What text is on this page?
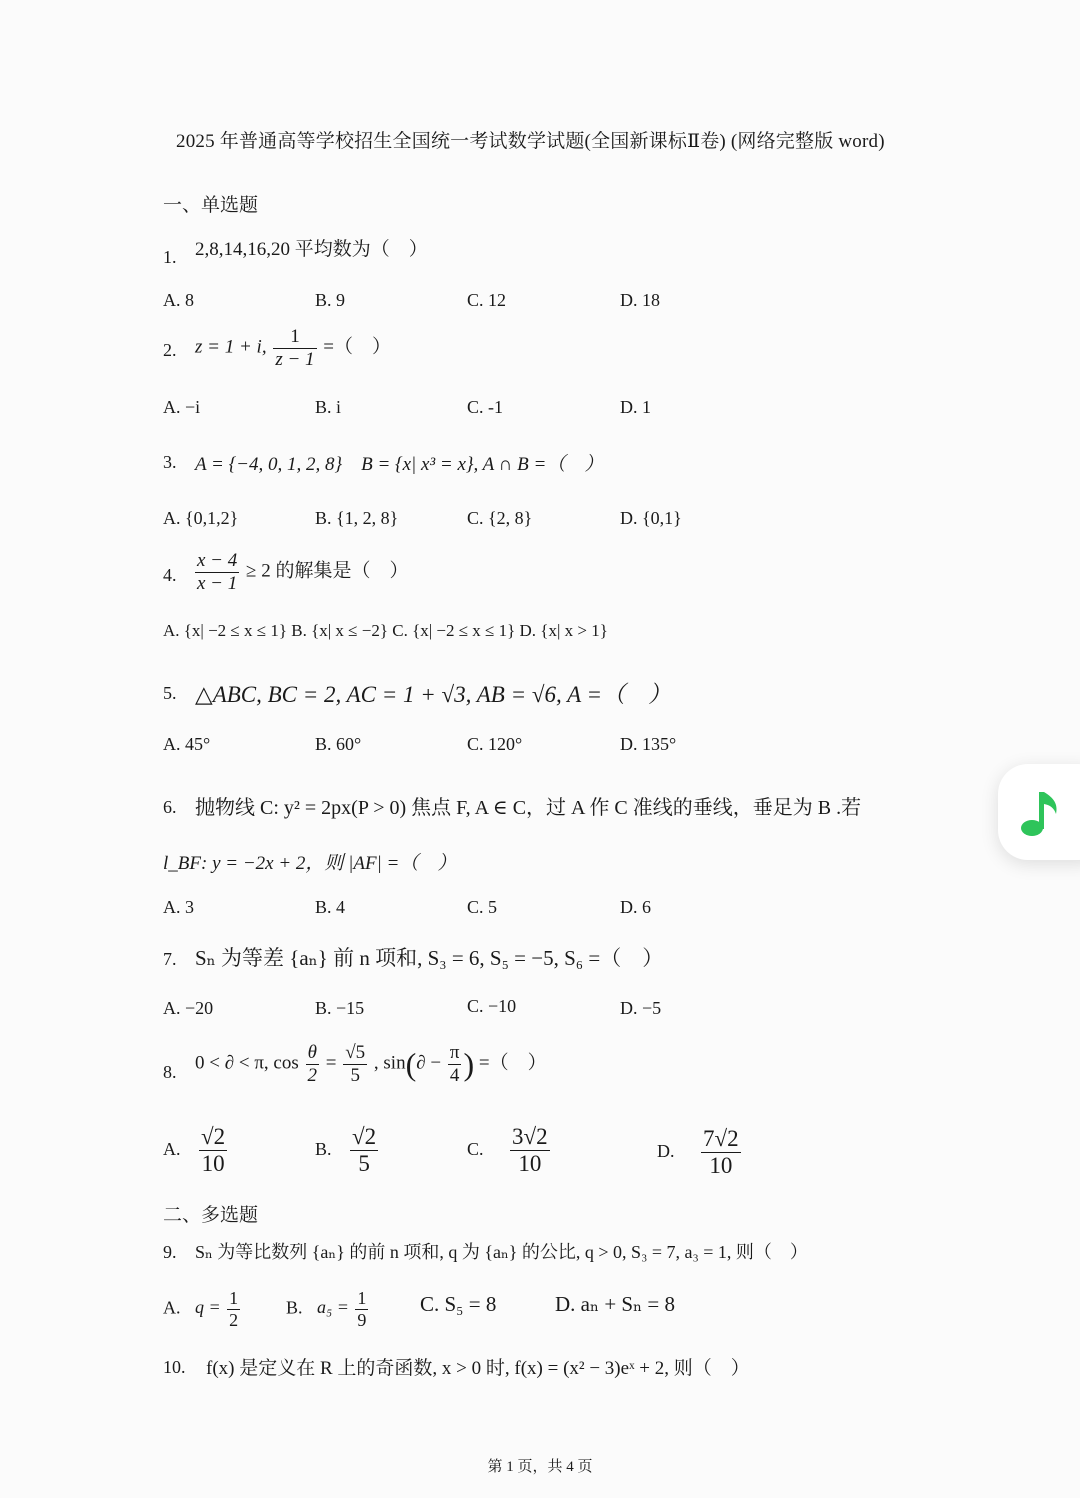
2025 年普通高等学校招生全国统一考试数学试题(全国新课标Ⅱ卷) (网络完整版 word)
一、单选题
1. 2,8,14,16,20 平均数为（　）
A. 8	B. 9	C. 12	D. 18
2. z = 1 + i, $\frac{1}{z - 1}$ =（　）
A. −i	B. i	C. -1	D. 1
3. A = {−4, 0, 1, 2, 8}　B = {x| x³ = x}, A ∩ B =（　）
A. {0,1,2}	B. {1, 2, 8}	C. {2, 8}	D. {0,1}
4. $\frac{x - 4}{x - 1} \ge 2$ 的解集是（　）
A. {x| −2 ≤ x ≤ 1} B. {x| x ≤ −2} C. {x| −2 ≤ x ≤ 1} D. {x| x > 1}
5. △ABC, BC = 2, AC = 1 + √3, AB = √6, A =（　）
A. 45°	B. 60°	C. 120°	D. 135°
6. 抛物线 C: y² = 2px(P > 0) 焦点 F, A ∈ C，过 A 作 C 准线的垂线，垂足为 B .若
l_BF: y = −2x + 2，则 |AF| =（　）
A. 3	B. 4	C. 5	D. 6
7. Sₙ 为等差 {aₙ} 前 n 项和, S₃ = 6, S₅ = −5, S₆ =（　）
A. −20	B. −15	C. −10	D. −5
8. 0 < ∂ < π, $\cos \frac{\theta}{2} = \frac{√5}{5}$ , $\sin(\partial - \frac{\pi}{4}$ ) =（　）
A. $\frac{√2}{10}$	B. $\frac{√2}{5}$	C. $\frac{3√2}{10}$	D. $\frac{7√2}{10}$
二、多选题
9. Sₙ 为等比数列 {aₙ} 的前 n 项和, q 为 {aₙ} 的公比, q > 0, S₃ = 7, a₃ = 1, 则（　）
A. $q = \frac{1}{2}$	B. $a_5 = \frac{1}{9} C$. S₅ = 8	D. aₙ + Sₙ = 8
10. f(x) 是定义在 R 上的奇函数, x > 0 时, f(x) = (x² − 3)eˣ + 2, 则（　）
第 1 页，共 4 页
